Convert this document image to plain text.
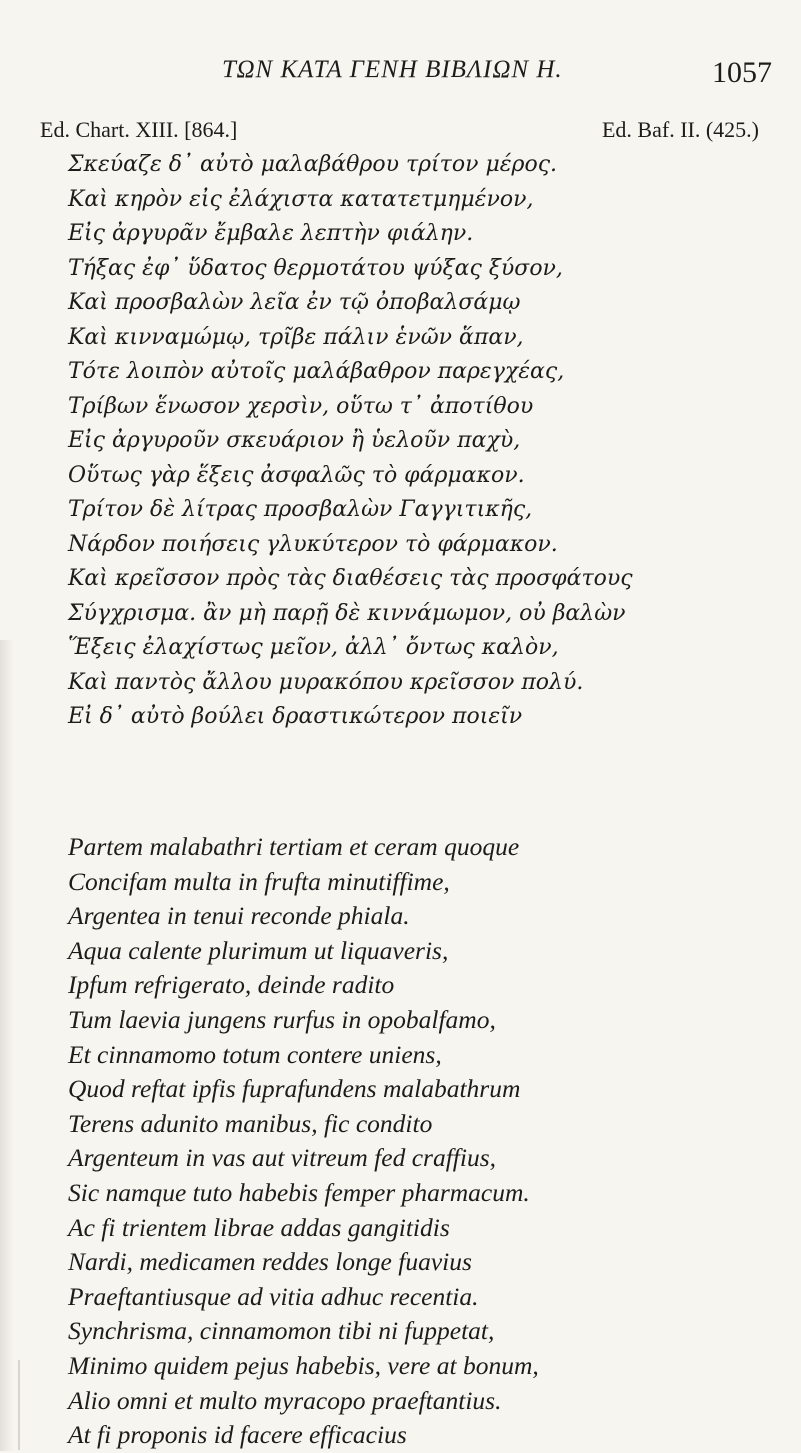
ΤΩΝ ΚΑΤΑ ΓΕΝΗ ΒΙΒΛΙΩΝ Η.	1057
Ed. Chart. XIII. [864.]	Ed. Baf. II. (425.)
Σκεύαζε δ᾽ αὐτὸ μαλαβάθρου τρίτον μέρος.
Καὶ κηρὸν εἰς ἐλάχιστα κατατετμημένον,
Εἰς ἀργυρᾶν ἔμβαλε λεπτὴν φιάλην.
Τήξας ἐφ᾽ ὕδατος θερμοτάτου ψύξας ξύσον,
Καὶ προσβαλὼν λεῖα ἐν τῷ ὀποβαλσάμῳ
Καὶ κινναμώμῳ, τρῖβε πάλιν ἑνῶν ἅπαν,
Τότε λοιπὸν αὐτοῖς μαλάβαθρον παρεγχέας,
Τρίβων ἕνωσον χερσὶν, οὕτω τ᾽ ἀποτίθου
Εἰς ἀργυροῦν σκευάριον ἢ ὑελοῦν παχὺ,
Οὕτως γὰρ ἕξεις ἀσφαλῶς τὸ φάρμακον.
Τρίτον δὲ λίτρας προσβαλὼν Γαγγιτικῆς,
Νάρδον ποιήσεις γλυκύτερον τὸ φάρμακον.
Καὶ κρεῖσσον πρὸς τὰς διαθέσεις τὰς προσφάτους
Σύγχρισμα. ἂν μὴ παρῇ δὲ κιννάμωμον, οὐ βαλὼν
Ἕξεις ἐλαχίστως μεῖον, ἀλλ᾽ ὄντως καλὸν,
Καὶ παντὸς ἄλλου μυρακόπου κρεῖσσον πολύ.
Εἰ δ᾽ αὐτὸ βούλει δραστικώτερον ποιεῖν
Partem malabathri tertiam et ceram quoque
Concifam multa in frufta minutiffime,
Argentea in tenui reconde phiala.
Aqua calente plurimum ut liquaveris,
Ipfum refrigerato, deinde radito
Tum laevia jungens rurfus in opobalfamo,
Et cinnamomo totum contere uniens,
Quod reftat ipfis fuprafundens malabathrum
Terens adunito manibus, fic condito
Argenteum in vas aut vitreum fed craffius,
Sic namque tuto habebis femper pharmacum.
Ac fi trientem librae addas gangitidis
Nardi, medicamen reddes longe fuavius
Praeftantiusque ad vitia adhuc recentia.
Synchrisma, cinnamomon tibi ni fuppetat,
Minimo quidem pejus habebis, vere at bonum,
Alio omni et multo myracopo praeftantius.
At fi proponis id facere efficacius
